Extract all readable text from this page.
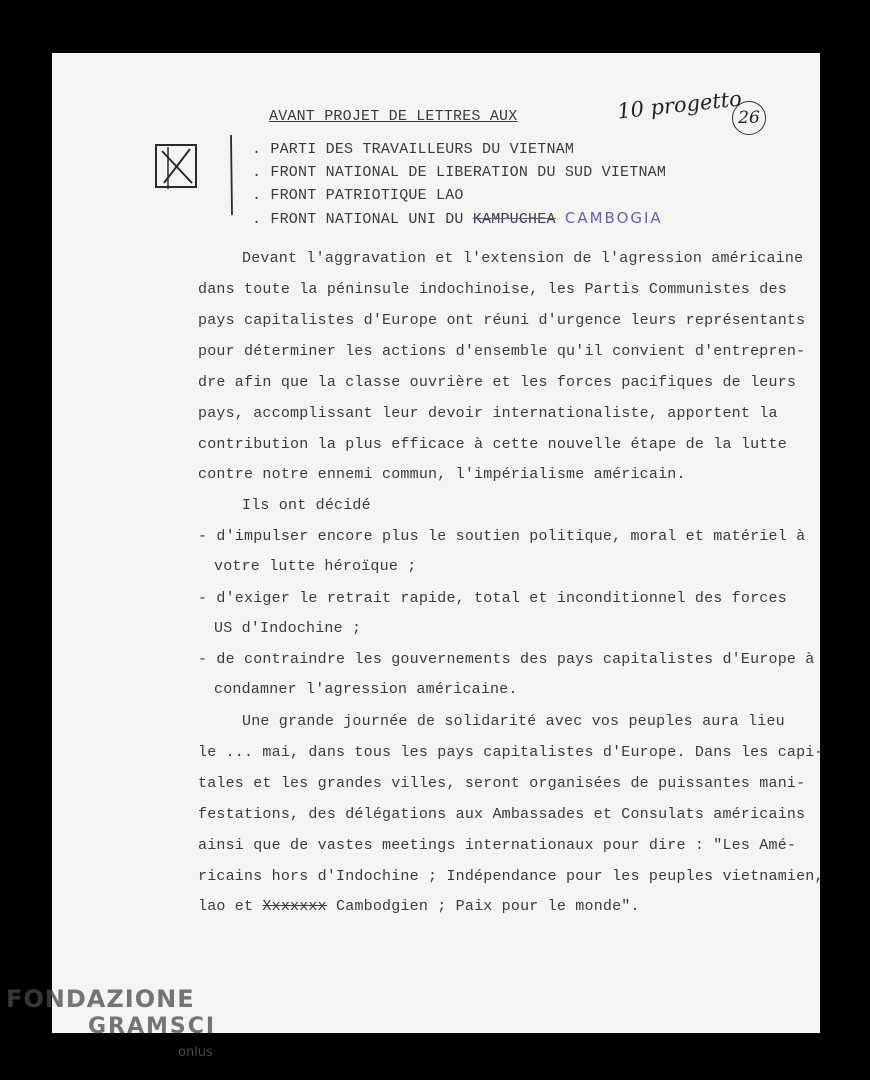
AVANT PROJET DE LETTRES AUX	10 progetto
26
. PARTI DES TRAVAILLEURS DU VIETNAM
. FRONT NATIONAL DE LIBERATION DU SUD VIETNAM
. FRONT PATRIOTIQUE LAO
. FRONT NATIONAL UNI DU KAMPUCHEA CAMBOGIA
Devant l'aggravation et l'extension de l'agression américaine
dans toute la péninsule indochinoise, les Partis Communistes des
pays capitalistes d'Europe ont réuni d'urgence leurs représentants
pour déterminer les actions d'ensemble qu'il convient d'entrepren-
dre afin que la classe ouvrière et les forces pacifiques de leurs
pays, accomplissant leur devoir internationaliste, apportent la
contribution la plus efficace à cette nouvelle étape de la lutte
contre notre ennemi commun, l'impérialisme américain.
Ils ont décidé
- d'impulser encore plus le soutien politique, moral et matériel à
votre lutte héroïque ;
- d'exiger le retrait rapide, total et inconditionnel des forces
US d'Indochine ;
- de contraindre les gouvernements des pays capitalistes d'Europe à
condamner l'agression américaine.
Une grande journée de solidarité avec vos peuples aura lieu
le ... mai, dans tous les pays capitalistes d'Europe. Dans les capi-
tales et les grandes villes, seront organisées de puissantes mani-
festations, des délégations aux Ambassades et Consulats américains
ainsi que de vastes meetings internationaux pour dire : "Les Amé-
ricains hors d'Indochine ; Indépendance pour les peuples vietnamien,
lao et Xxxxxxx Cambodgien ; Paix pour le monde".
FONDAZIONE
GRAMSCI
onlus
